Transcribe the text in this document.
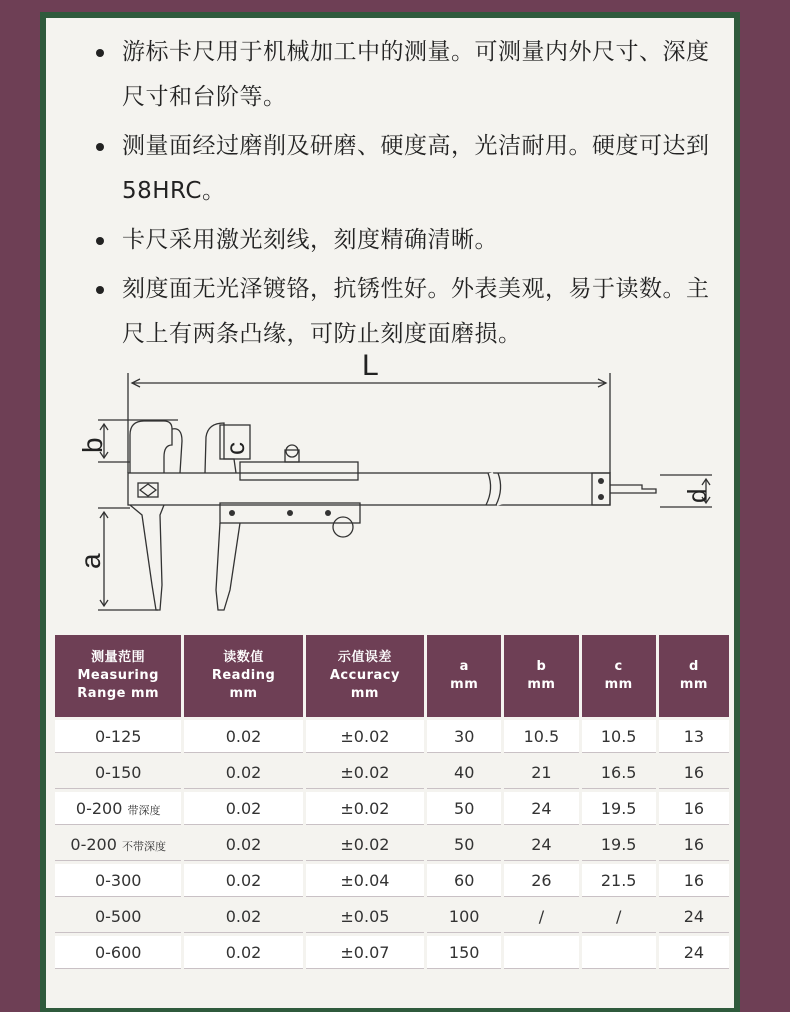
游标卡尺用于机械加工中的测量。可测量内外尺寸、深度尺寸和台阶等。
测量面经过磨削及研磨、硬度高，光洁耐用。硬度可达到58HRC。
卡尺采用激光刻线，刻度精确清晰。
刻度面无光泽镀铬，抗锈性好。外表美观，易于读数。主尺上有两条凸缘，可防止刻度面磨损。
L
b
a
c
d
测量范围
Measuring
Range mm	读数值
Reading
mm	示值误差
Accuracy
mm	a
mm	b
mm	c
mm	d
mm
0-125	0.02	±0.02	30	10.5	10.5	13
0-150	0.02	±0.02	40	21	16.5	16
0-200 带深度	0.02	±0.02	50	24	19.5	16
0-200 不带深度	0.02	±0.02	50	24	19.5	16
0-300	0.02	±0.04	60	26	21.5	16
0-500	0.02	±0.05	100	/	/	24
0-600	0.02	±0.07	150			24
